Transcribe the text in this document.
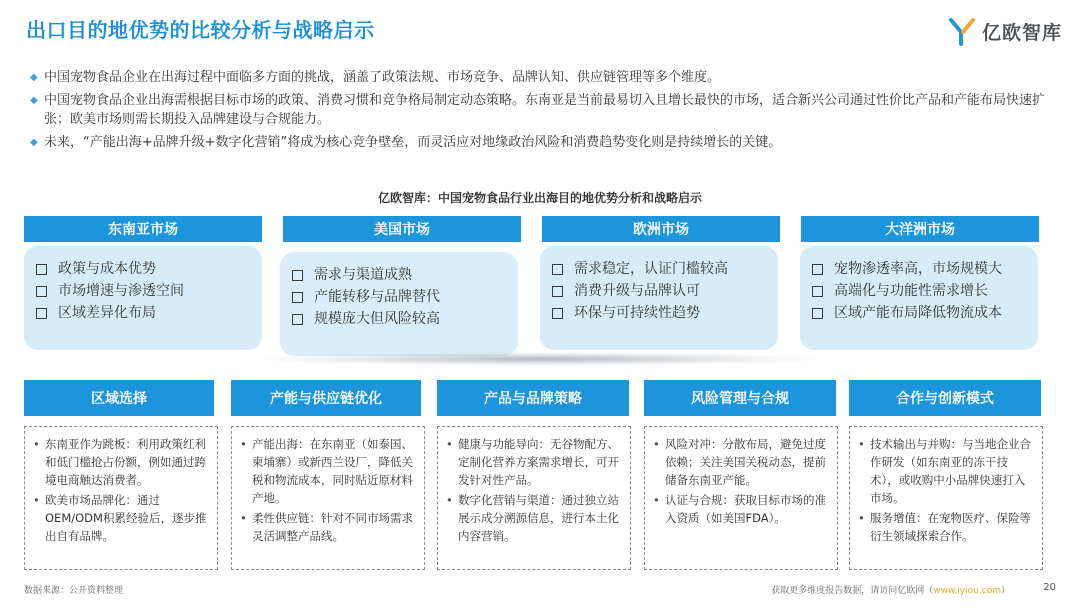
出口目的地优势的比较分析与战略启示	亿欧智库
◆ 中国宠物食品企业在出海过程中面临多方面的挑战，涵盖了政策法规、市场竞争、品牌认知、供应链管理等多个维度。
◆ 中国宠物食品企业出海需根据目标市场的政策、消费习惯和竞争格局制定动态策略。东南亚是当前最易切入且增长最快的市场，适合新兴公司通过性价比产品和产能布局快速扩张；欧美市场则需长期投入品牌建设与合规能力。
◆ 未来，“产能出海+品牌升级+数字化营销”将成为核心竞争壁垒，而灵活应对地缘政治风险和消费趋势变化则是持续增长的关键。
亿欧智库：中国宠物食品行业出海目的地优势分析和战略启示
东南亚市场	美国市场	欧洲市场	大洋洲市场
政策与成本优势
市场增速与渗透空间
区域差异化布局
需求与渠道成熟
产能转移与品牌替代
规模庞大但风险较高
需求稳定，认证门槛较高
消费升级与品牌认可
环保与可持续性趋势
宠物渗透率高，市场规模大
高端化与功能性需求增长
区域产能布局降低物流成本
区域选择	产能与供应链优化	产品与品牌策略	风险管理与合规	合作与创新模式
• 东南亚作为跳板：利用政策红利和低门槛抢占份额，例如通过跨境电商触达消费者。
• 欧美市场品牌化：通过OEM/ODM积累经验后，逐步推出自有品牌。
• 产能出海：在东南亚（如泰国、柬埔寨）或新西兰设厂，降低关税和物流成本，同时贴近原材料产地。
• 柔性供应链：针对不同市场需求灵活调整产品线。
• 健康与功能导向：无谷物配方、定制化营养方案需求增长，可开发针对性产品。
• 数字化营销与渠道：通过独立站展示成分溯源信息，进行本土化内容营销。
• 风险对冲：分散布局，避免过度依赖；关注美国关税动态，提前储备东南亚产能。
• 认证与合规：获取目标市场的准入资质（如美国FDA）。
• 技术输出与并购：与当地企业合作研发（如东南亚的冻干技术），或收购中小品牌快速打入市场。
• 服务增值：在宠物医疗、保险等衍生领域探索合作。
数据来源：公开资料整理	获取更多维度报告数据，请访问亿欧网（www.iyiou.com）	20
